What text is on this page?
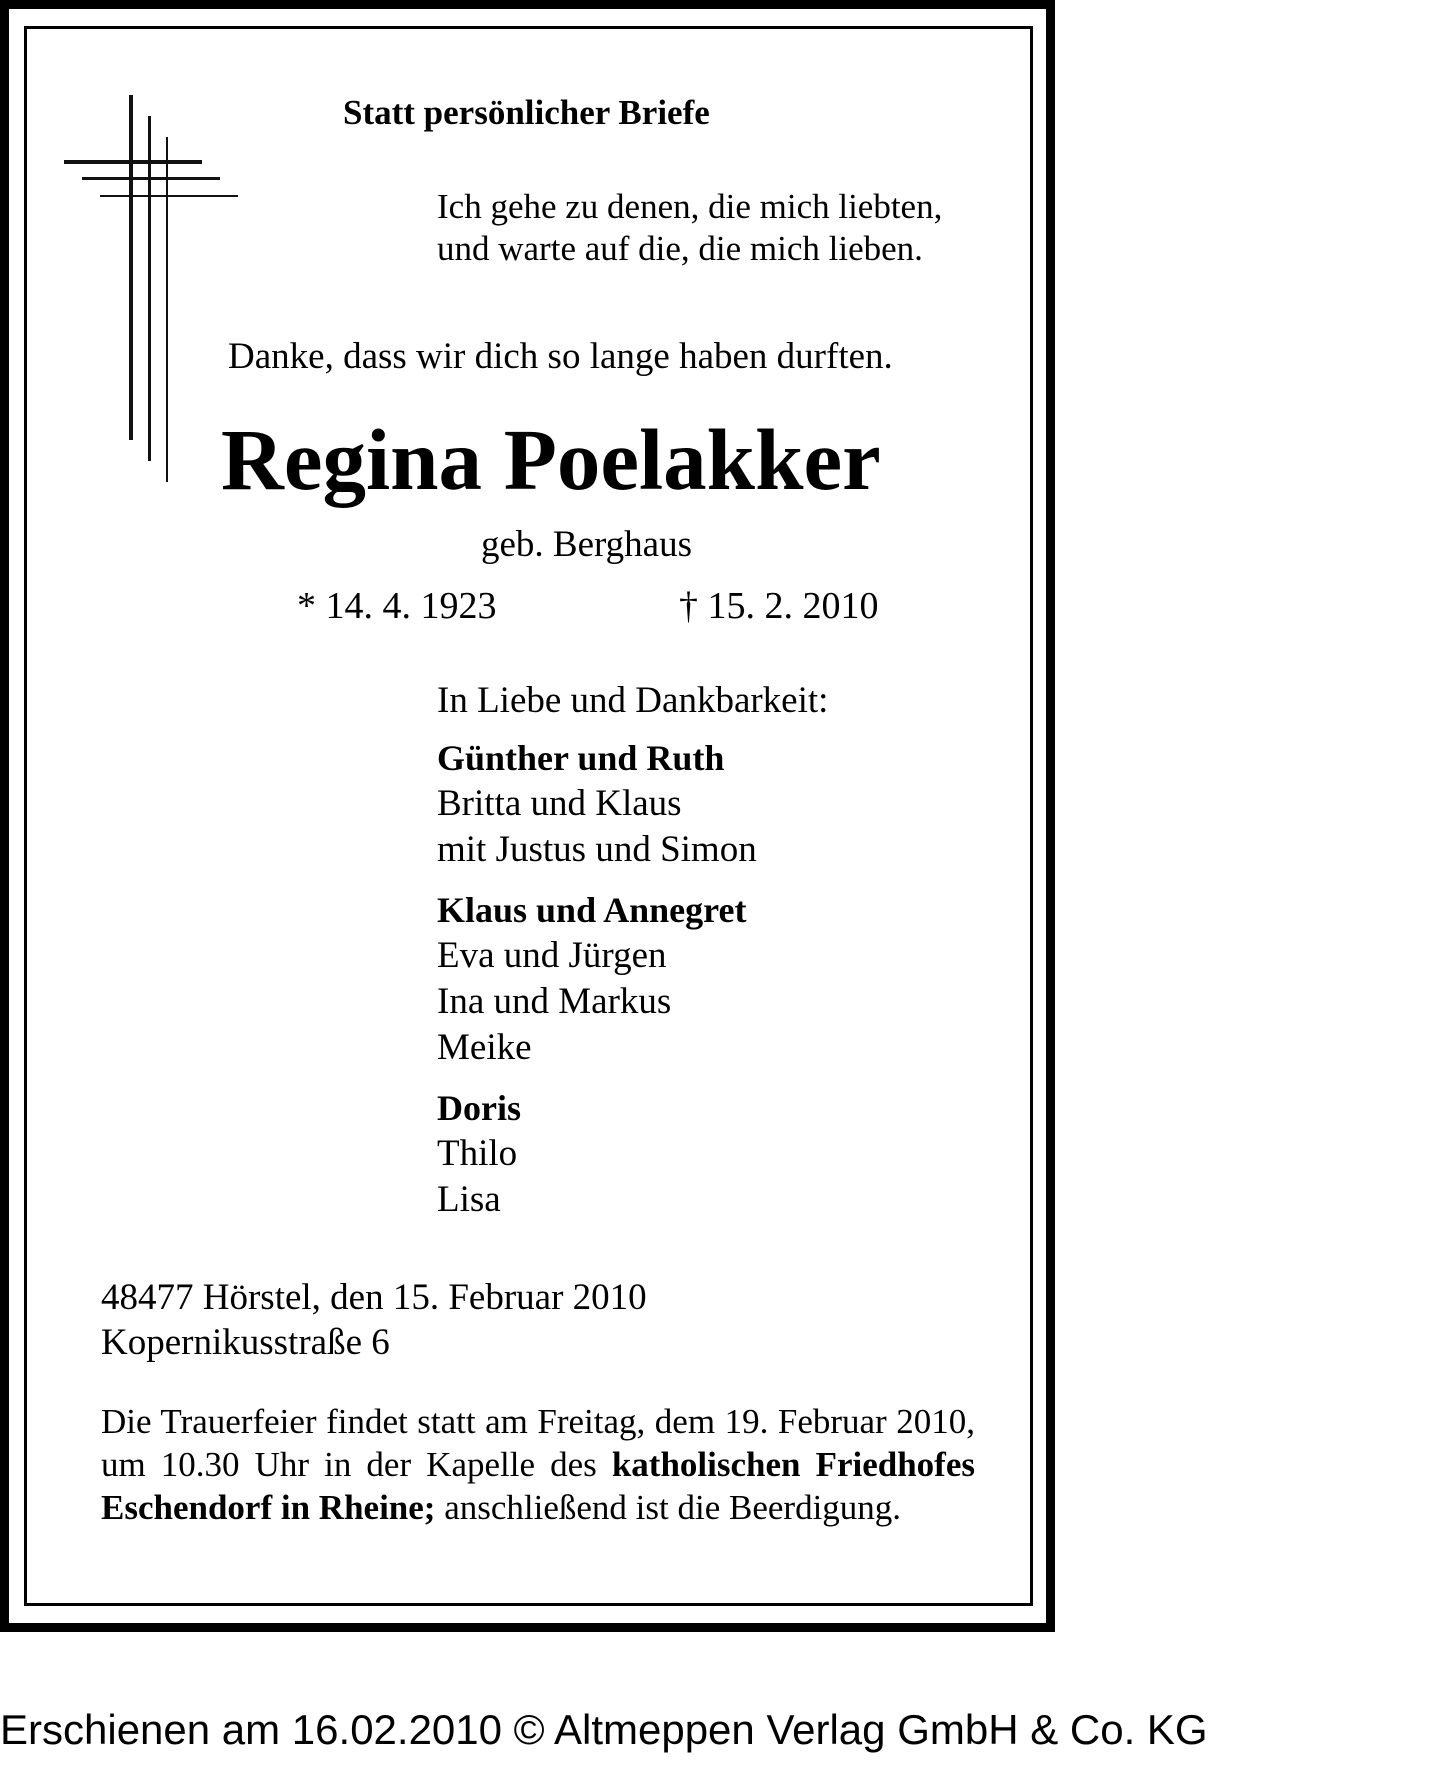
Statt persönlicher Briefe
Ich gehe zu denen, die mich liebten,
und warte auf die, die mich lieben.
Danke, dass wir dich so lange haben durften.
Regina Poelakker
geb. Berghaus
* 14. 4. 1923	† 15. 2. 2010
In Liebe und Dankbarkeit:
Günther und Ruth
Britta und Klaus
mit Justus und Simon
Klaus und Annegret
Eva und Jürgen
Ina und Markus
Meike
Doris
Thilo
Lisa
48477 Hörstel, den 15. Februar 2010
Kopernikusstraße 6
Die Trauerfeier findet statt am Freitag, dem 19. Februar 2010, um 10.30 Uhr in der Kapelle des katholischen Friedhofes Eschendorf in Rheine; anschließend ist die Beerdigung.
Erschienen am 16.02.2010 © Altmeppen Verlag GmbH & Co. KG
